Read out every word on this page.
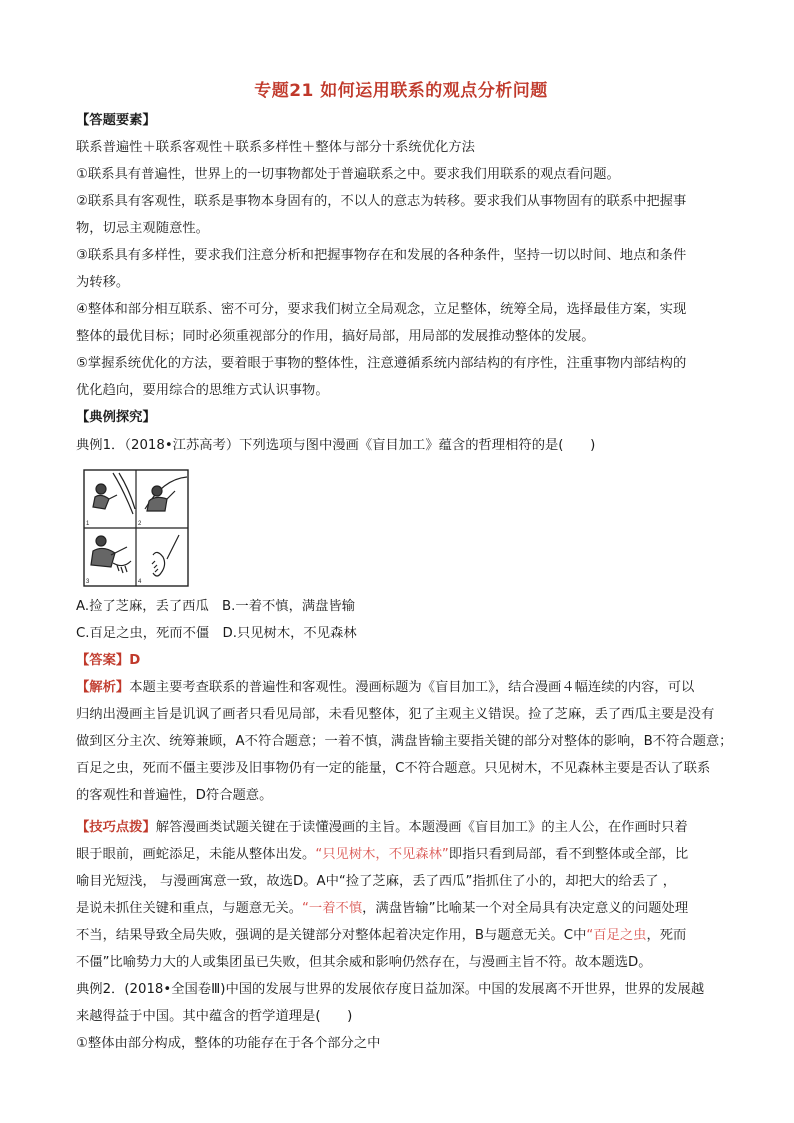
专题21 如何运用联系的观点分析问题
【答题要素】
联系普遍性＋联系客观性＋联系多样性＋整体与部分十系统优化方法
①联系具有普遍性，世界上的一切事物都处于普遍联系之中。要求我们用联系的观点看问题。
②联系具有客观性，联系是事物本身固有的，不以人的意志为转移。要求我们从事物固有的联系中把握事
物，切忌主观随意性。
③联系具有多样性，要求我们注意分析和把握事物存在和发展的各种条件，坚持一切以时间、地点和条件
为转移。
④整体和部分相互联系、密不可分，要求我们树立全局观念，立足整体，统筹全局，选择最佳方案，实现
整体的最优目标；同时必须重视部分的作用，搞好局部，用局部的发展推动整体的发展。
⑤掌握系统优化的方法，要着眼于事物的整体性，注意遵循系统内部结构的有序性，注重事物内部结构的
优化趋向，要用综合的思维方式认识事物。
【典例探究】
典例1．（2018•江苏高考）下列选项与图中漫画《盲目加工》蕴含的哲理相符的是(　　)
1	2
3	4
A.捡了芝麻，丢了西瓜　B.一着不慎，满盘皆输
C.百足之虫，死而不僵　D.只见树木，不见森林
【答案】D
【解析】本题主要考查联系的普遍性和客观性。漫画标题为《盲目加工》，结合漫画４幅连续的内容，可以
归纳出漫画主旨是讥讽了画者只看见局部，未看见整体，犯了主观主义错误。捡了芝麻，丢了西瓜主要是没有
做到区分主次、统筹兼顾，A不符合题意；一着不慎，满盘皆输主要指关键的部分对整体的影响，B不符合题意；
百足之虫，死而不僵主要涉及旧事物仍有一定的能量，C不符合题意。只见树木，不见森林主要是否认了联系
的客观性和普遍性，D符合题意。
【技巧点拨】解答漫画类试题关键在于读懂漫画的主旨。本题漫画《盲目加工》的主人公，在作画时只着
眼于眼前，画蛇添足，未能从整体出发。“只见树木，不见森林”即指只看到局部，看不到整体或全部，比
喻目光短浅， 与漫画寓意一致，故选D。A中“捡了芝麻，丢了西瓜”指抓住了小的，却把大的给丢了 ，
是说未抓住关键和重点，与题意无关。“一着不慎，满盘皆输”比喻某一个对全局具有决定意义的问题处理
不当，结果导致全局失败，强调的是关键部分对整体起着决定作用，B与题意无关。C中“百足之虫，死而
不僵”比喻势力大的人或集团虽已失败，但其余威和影响仍然存在，与漫画主旨不符。故本题选D。
典例2．(2018•全国卷Ⅲ)中国的发展与世界的发展依存度日益加深。中国的发展离不开世界，世界的发展越
来越得益于中国。其中蕴含的哲学道理是(　　)
①整体由部分构成，整体的功能存在于各个部分之中
